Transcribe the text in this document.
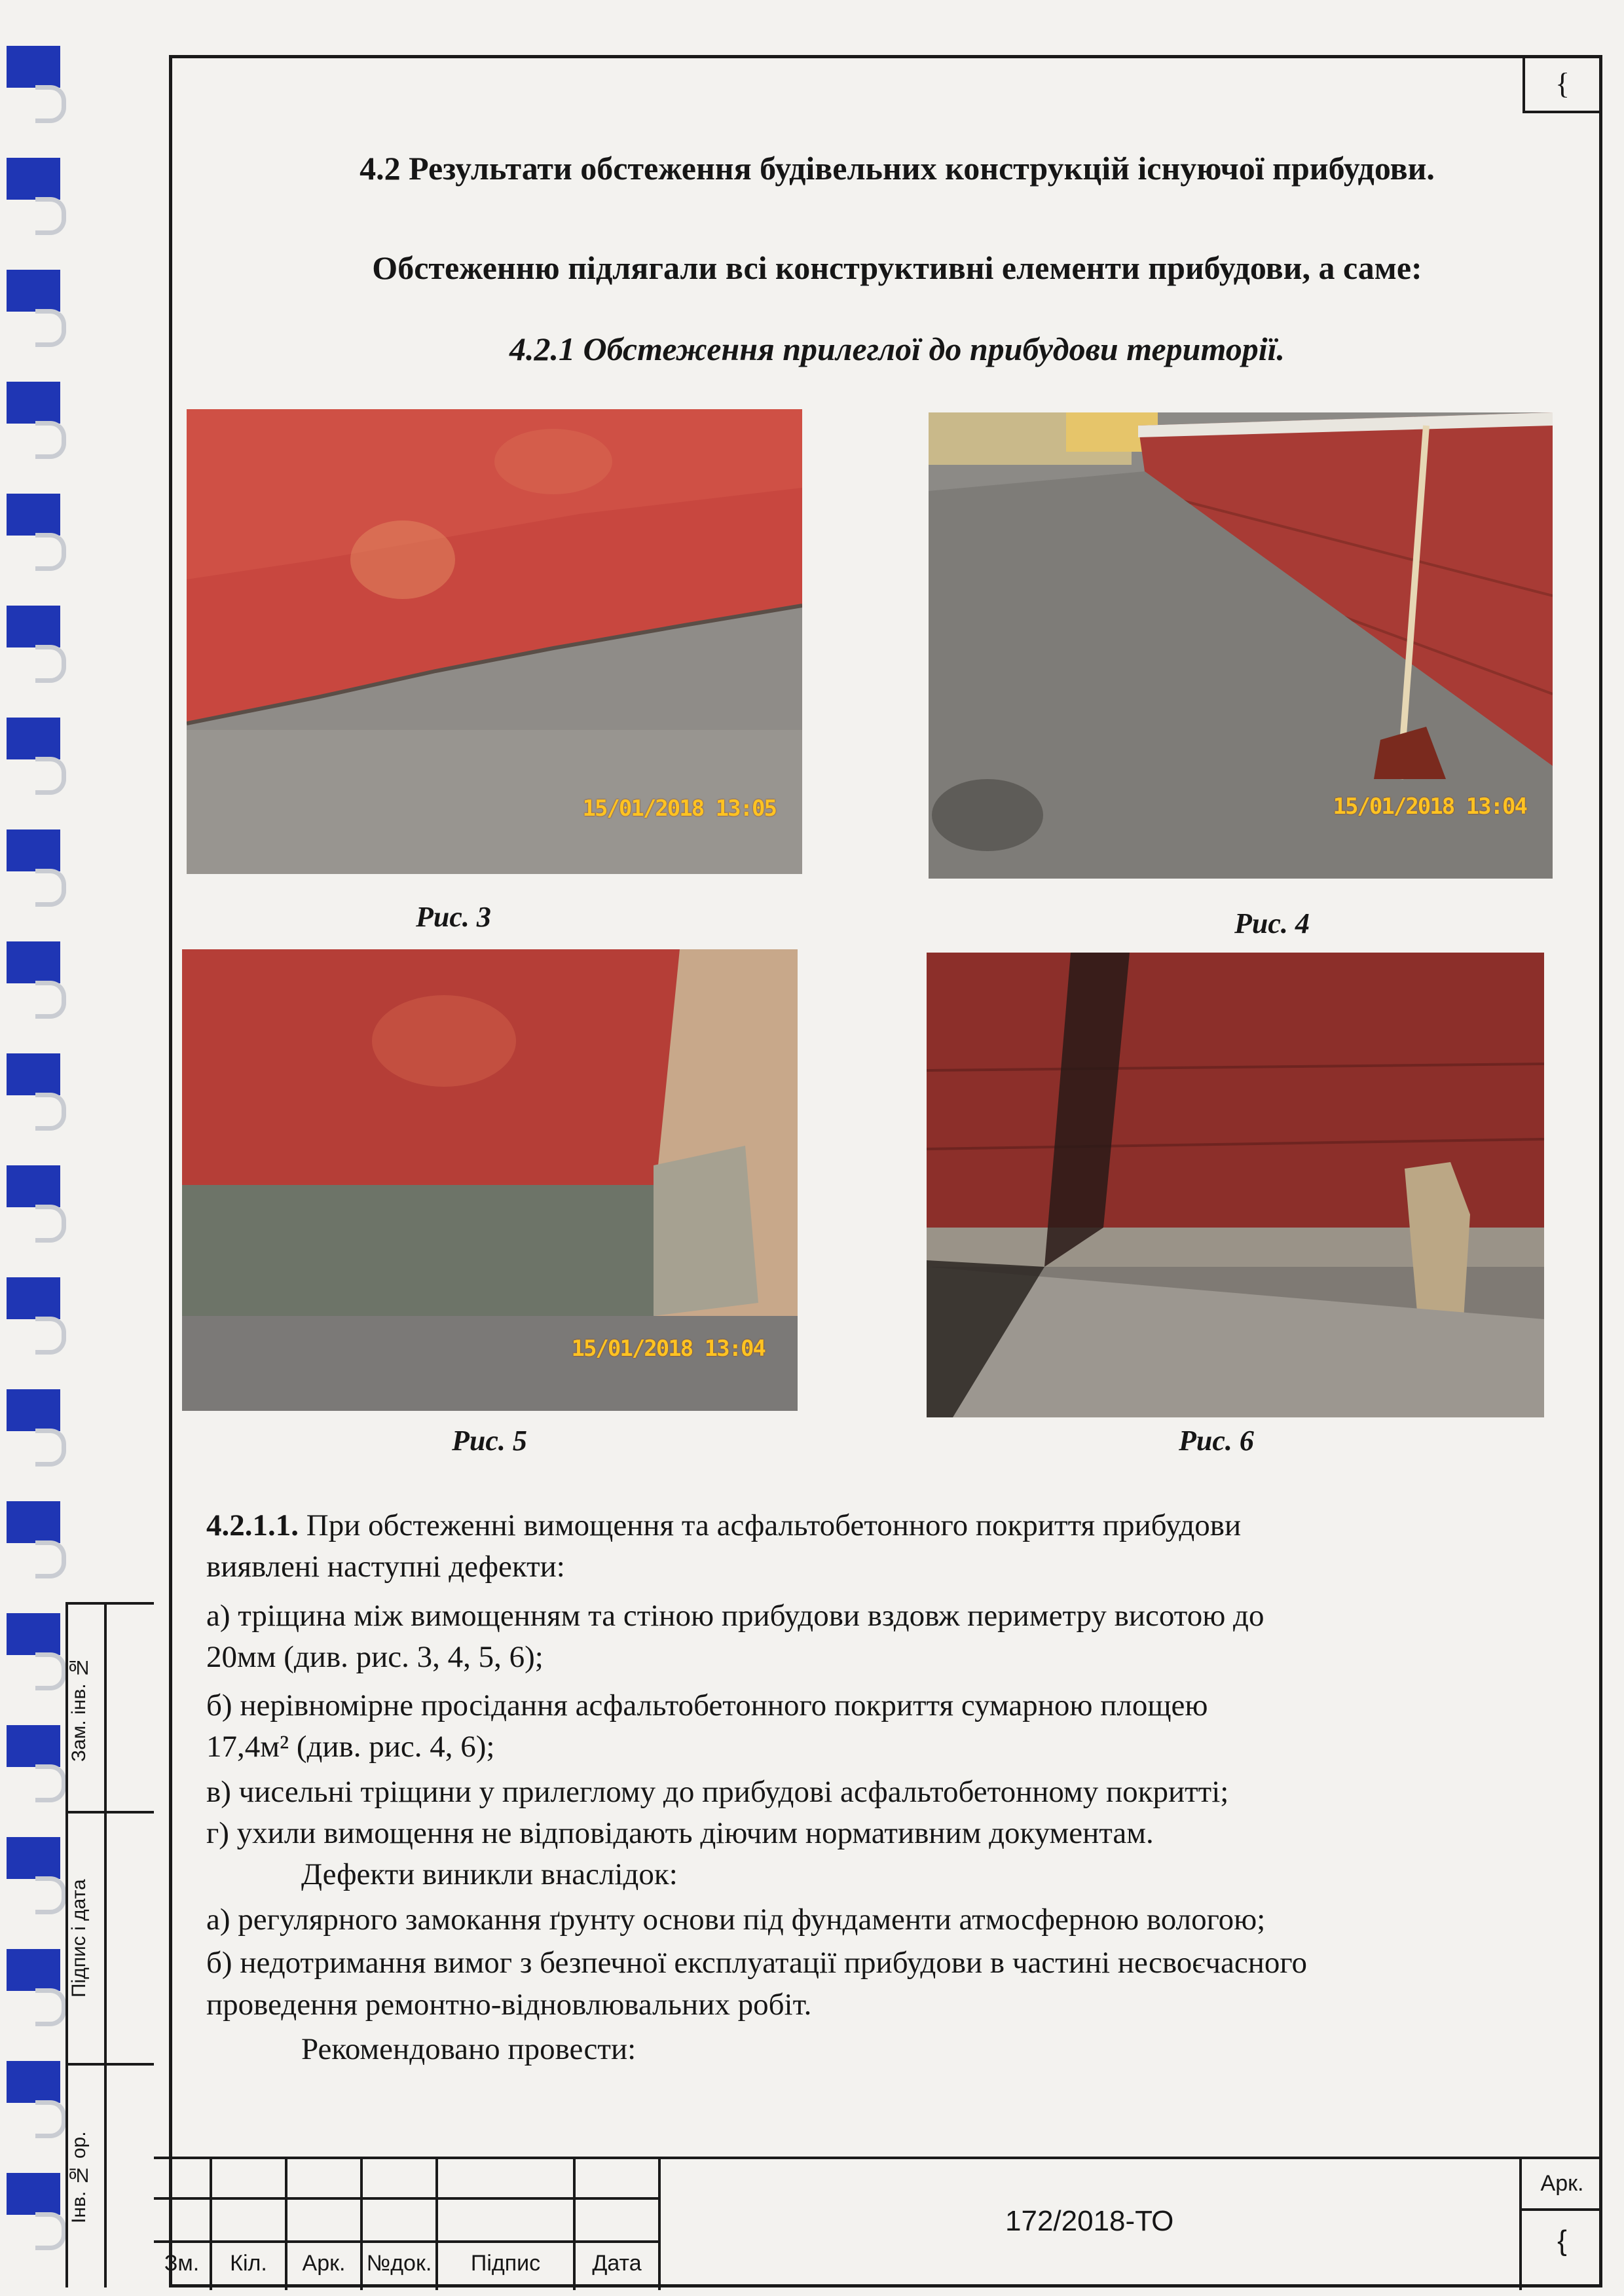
{
4.2 Результати обстеження будівельних конструкцій існуючої прибудови.
Обстеженню підлягали всі конструктивні елементи прибудови, а саме:
4.2.1 Обстеження прилеглої до прибудови території.
15/01/2018 13:05
Рис. 3
15/01/2018 13:04
Рис. 4
15/01/2018 13:04
Рис. 5	Рис. 6
4.2.1.1. При обстеженні вимощення та асфальтобетонного покриття прибудови
виявлені наступні дефекти:
а) тріщина між вимощенням та стіною прибудови вздовж периметру висотою до
20мм (див. рис. 3, 4, 5, 6);
б) нерівномірне просідання асфальтобетонного покриття сумарною площею
17,4м² (див. рис. 4, 6);
в) чисельні тріщини у прилеглому до прибудові асфальтобетонному покритті;
г) ухили вимощення не відповідають діючим нормативним документам.
Дефекти виникли внаслідок:
а) регулярного замокання ґрунту основи під фундаменти атмосферною вологою;
б) недотримання вимог з безпечної експлуатації прибудови в частині несвоєчасного
проведення ремонтно-відновлювальних робіт.
Рекомендовано провести:
Зам. інв. №
Підпис і дата
Інв. № ор.
Зм.	Кіл.	Арк. №док.	Підпис	Дата
172/2018-ТО
Арк.
{
